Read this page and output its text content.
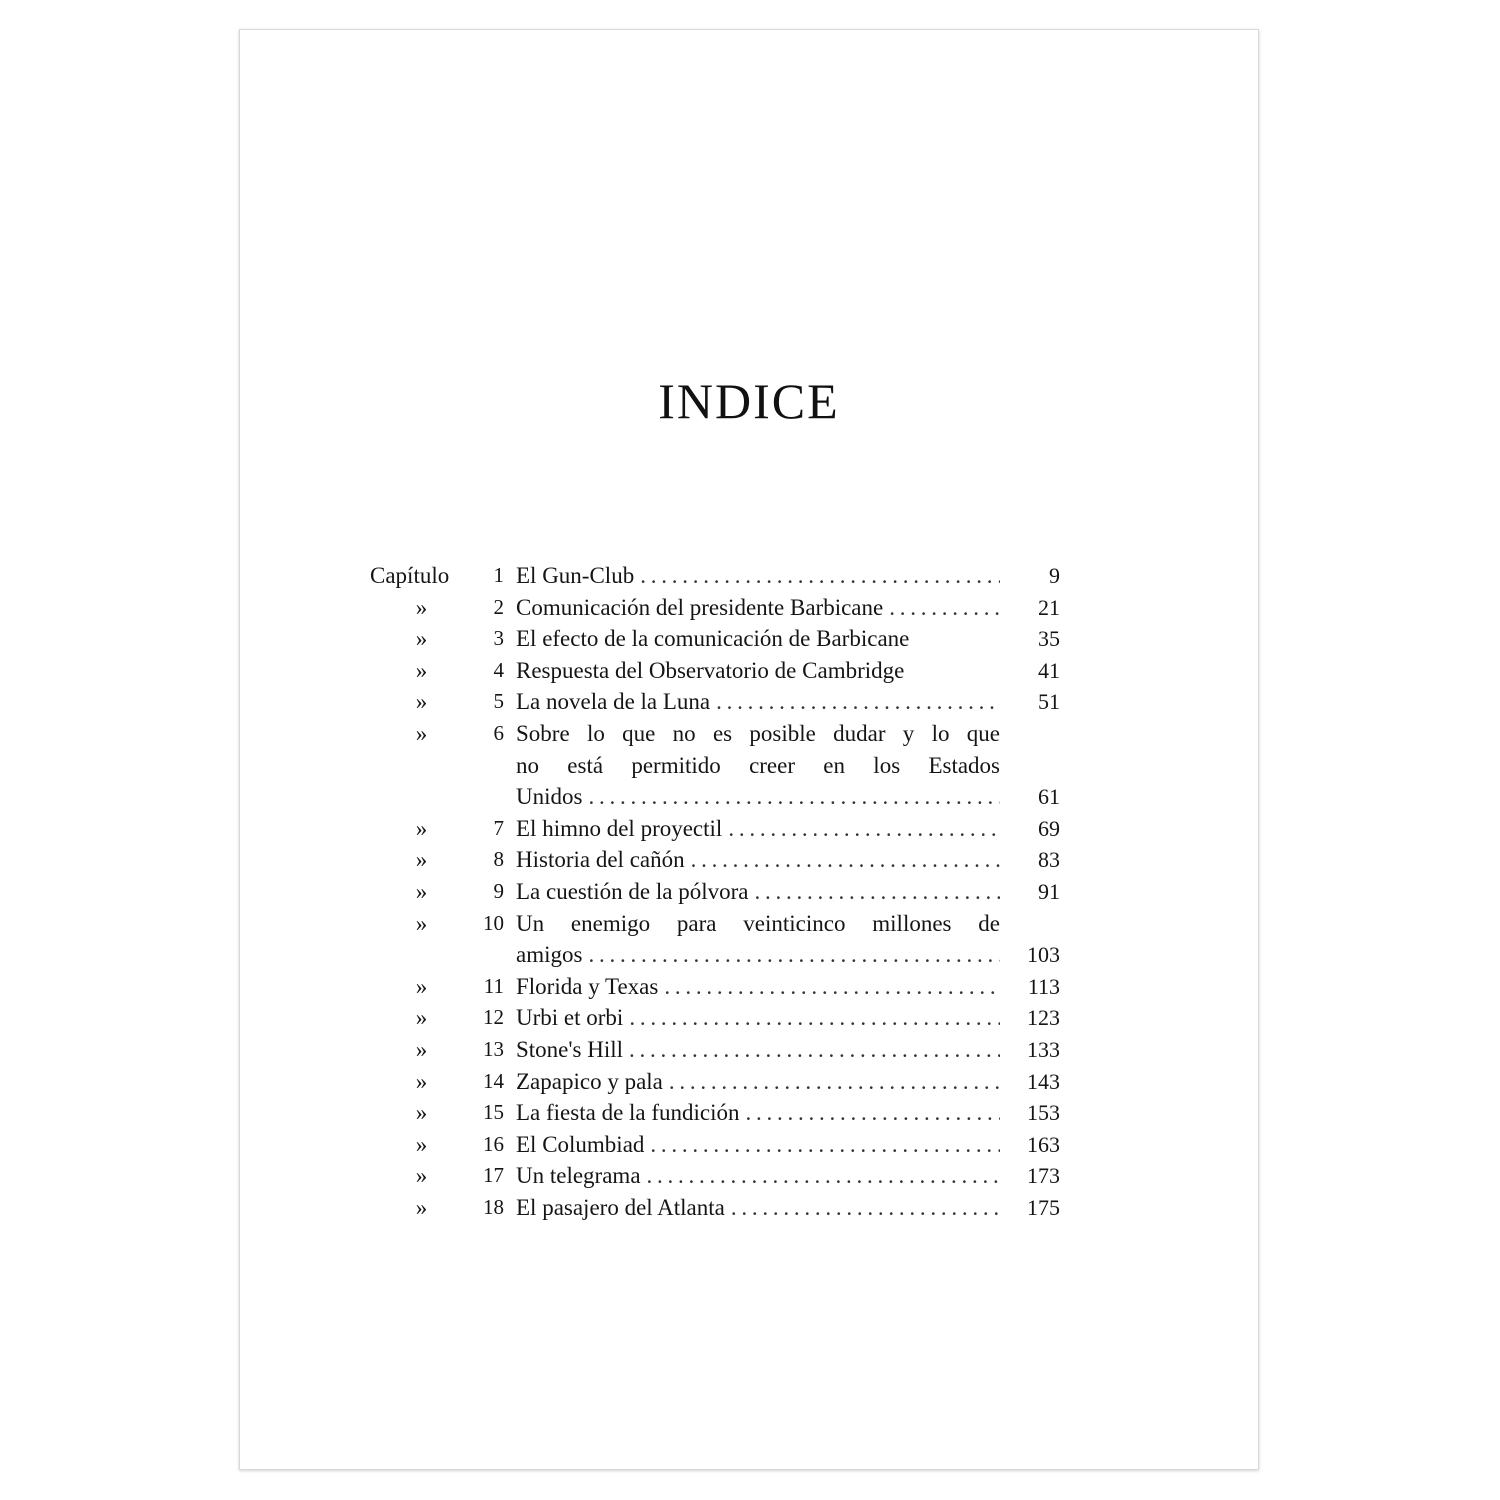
INDICE
Capítulo	1 El Gun-Club . . .	9
»	2 Comunicación del presidente Barbicane . . .	21
»	3 El efecto de la comunicación de Barbicane	35
»	4 Respuesta del Observatorio de Cambridge	41
»	5 La novela de la Luna . . .	51
»	6 Sobre lo que no es posible dudar y lo que
no está permitido creer en los Estados
Unidos . . .	61
»	7 El himno del proyectil . . .	69
»	8 Historia del cañón . . .	83
»	9 La cuestión de la pólvora . . .	91
»	10 Un enemigo para veinticinco millones de
amigos . . .	103
»	11 Florida y Texas . . .	113
»	12 Urbi et orbi . . .	123
»	13 Stone's Hill . . .	133
»	14 Zapapico y pala . . .	143
»	15 La fiesta de la fundición . . .	153
»	16 El Columbiad . . .	163
»	17 Un telegrama . . .	173
»	18 El pasajero del Atlanta . . .	175
